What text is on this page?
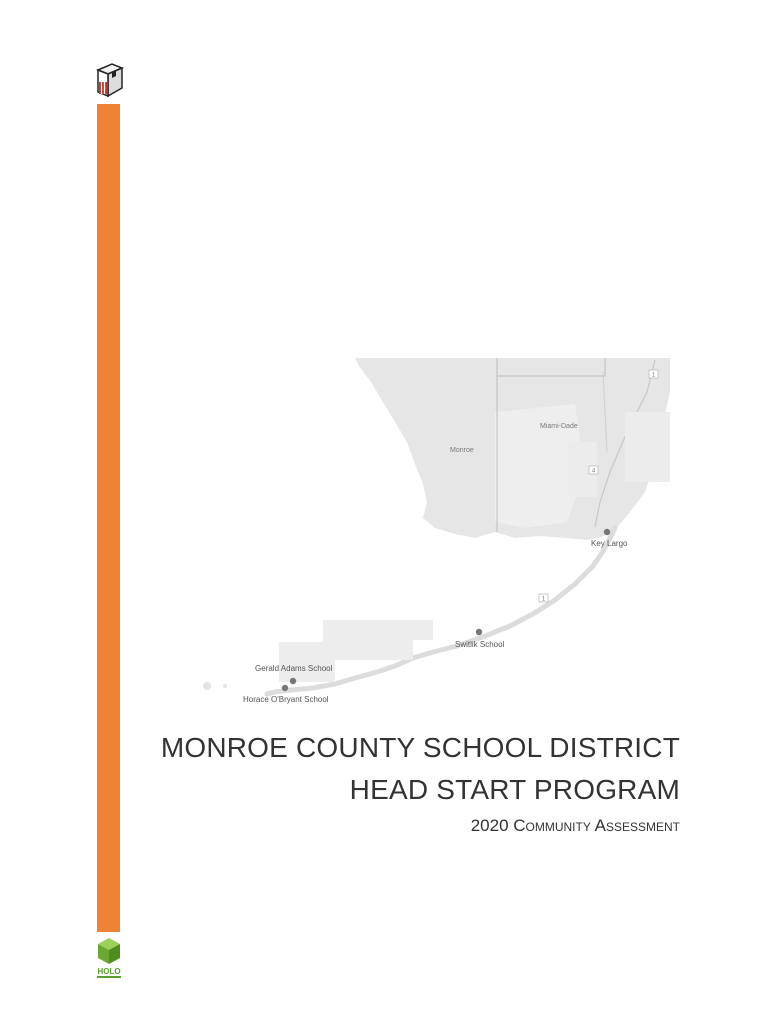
HOLO
Monroe
Miami-Dade
1
4
1
Key Largo
Switlik School
Gerald Adams School
Horace O'Bryant School
MONROE COUNTY SCHOOL DISTRICT
HEAD START PROGRAM

2020 Community Assessment
